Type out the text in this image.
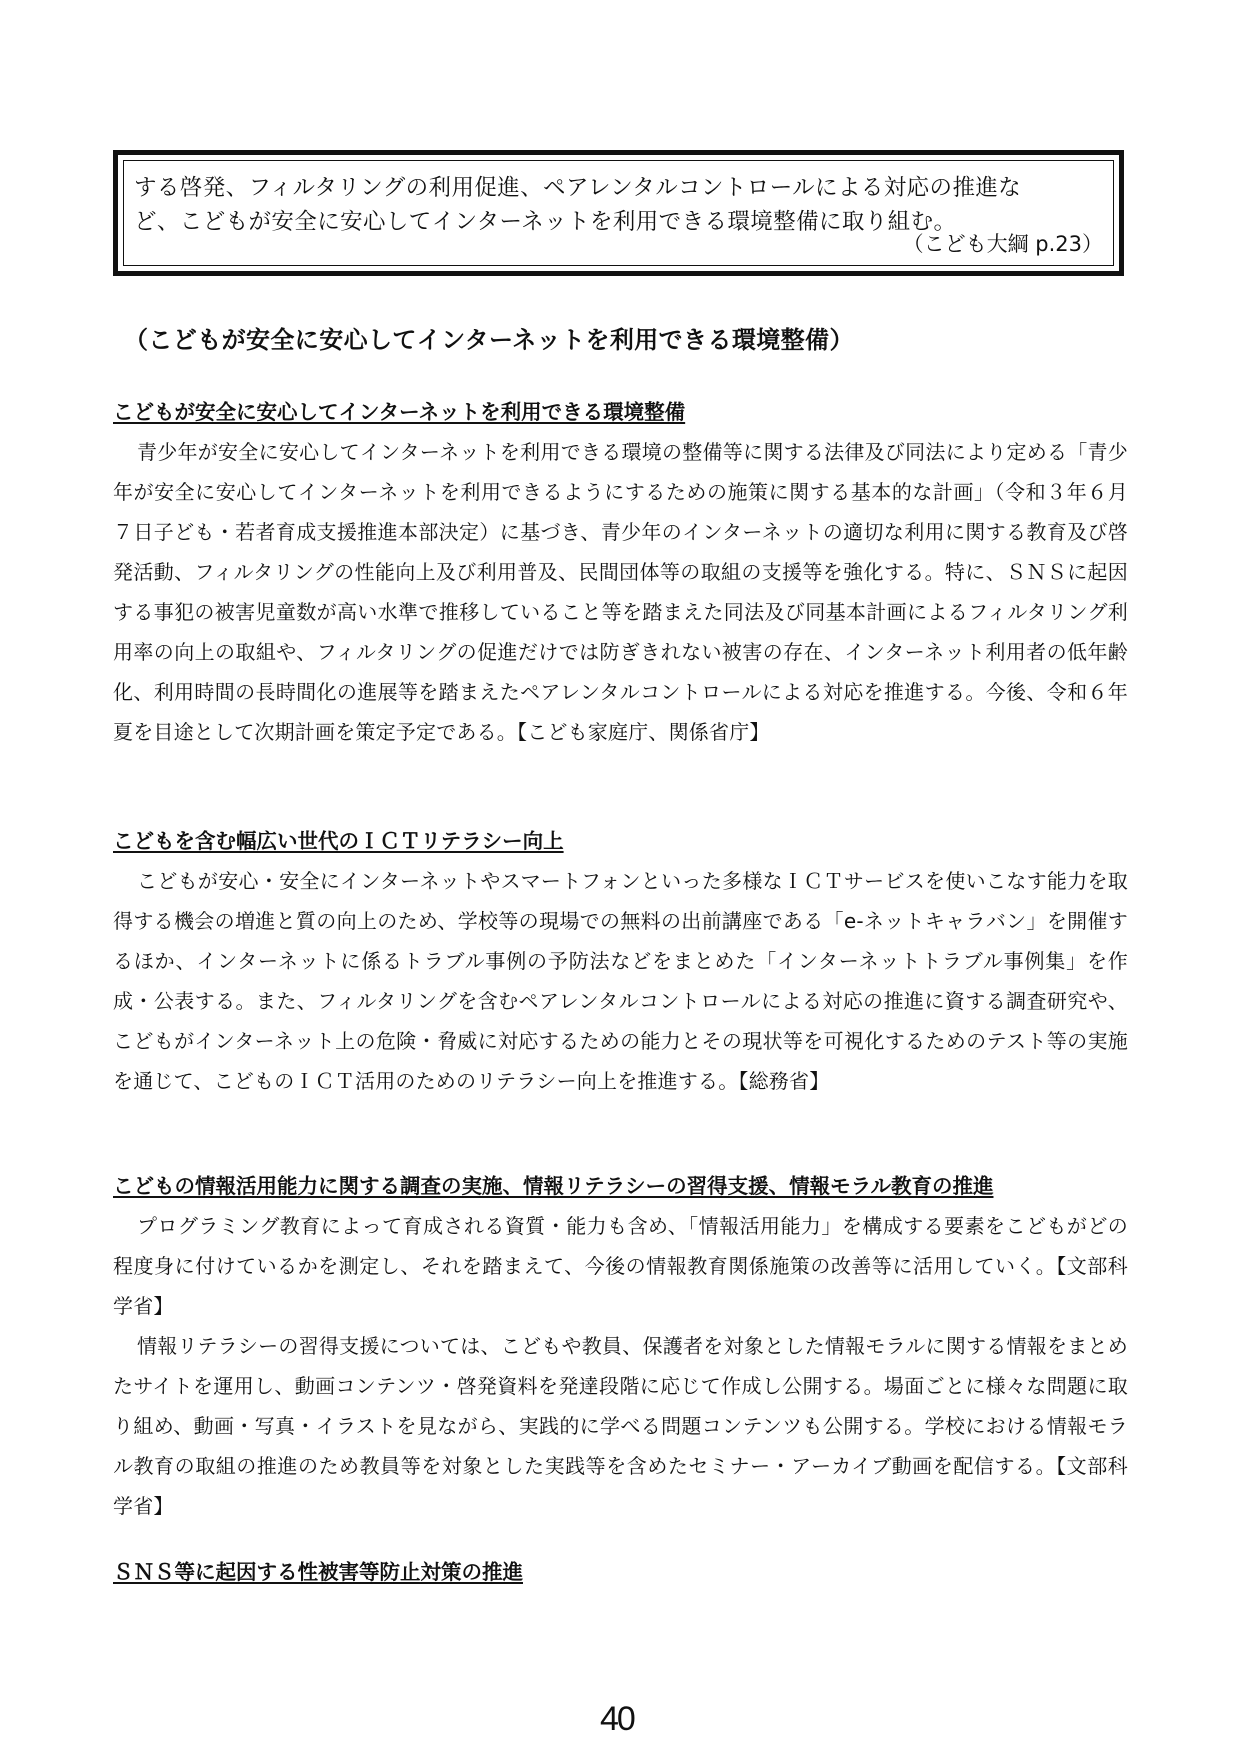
する啓発、フィルタリングの利用促進、ペアレンタルコントロールによる対応の推進な
ど、こどもが安全に安心してインターネットを利用できる環境整備に取り組む。
（こども大綱 p.23）
（こどもが安全に安心してインターネットを利用できる環境整備）
こどもが安全に安心してインターネットを利用できる環境整備

青少年が安全に安心してインターネットを利用できる環境の整備等に関する法律及び同法により定める「青少年が安全に安心してインターネットを利用できるようにするための施策に関する基本的な計画」（令和３年６月７日子ども・若者育成支援推進本部決定）に基づき、青少年のインターネットの適切な利用に関する教育及び啓発活動、フィルタリングの性能向上及び利用普及、民間団体等の取組の支援等を強化する。特に、ＳＮＳに起因する事犯の被害児童数が高い水準で推移していること等を踏まえた同法及び同基本計画によるフィルタリング利用率の向上の取組や、フィルタリングの促進だけでは防ぎきれない被害の存在、インターネット利用者の低年齢化、利用時間の長時間化の進展等を踏まえたペアレンタルコントロールによる対応を推進する。今後、令和６年夏を目途として次期計画を策定予定である。【こども家庭庁、関係省庁】

こどもを含む幅広い世代のＩＣＴリテラシー向上

こどもが安心・安全にインターネットやスマートフォンといった多様なＩＣＴサービスを使いこなす能力を取得する機会の増進と質の向上のため、学校等の現場での無料の出前講座である「e-ネットキャラバン」を開催するほか、インターネットに係るトラブル事例の予防法などをまとめた「インターネットトラブル事例集」を作成・公表する。また、フィルタリングを含むペアレンタルコントロールによる対応の推進に資する調査研究や、こどもがインターネット上の危険・脅威に対応するための能力とその現状等を可視化するためのテスト等の実施を通じて、こどものＩＣＴ活用のためのリテラシー向上を推進する。【総務省】

こどもの情報活用能力に関する調査の実施、情報リテラシーの習得支援、情報モラル教育の推進

プログラミング教育によって育成される資質・能力も含め、「情報活用能力」を構成する要素をこどもがどの程度身に付けているかを測定し、それを踏まえて、今後の情報教育関係施策の改善等に活用していく。【文部科学省】

情報リテラシーの習得支援については、こどもや教員、保護者を対象とした情報モラルに関する情報をまとめたサイトを運用し、動画コンテンツ・啓発資料を発達段階に応じて作成し公開する。場面ごとに様々な問題に取り組め、動画・写真・イラストを見ながら、実践的に学べる問題コンテンツも公開する。学校における情報モラル教育の取組の推進のため教員等を対象とした実践等を含めたセミナー・アーカイブ動画を配信する。【文部科学省】

ＳＮＳ等に起因する性被害等防止対策の推進
40
